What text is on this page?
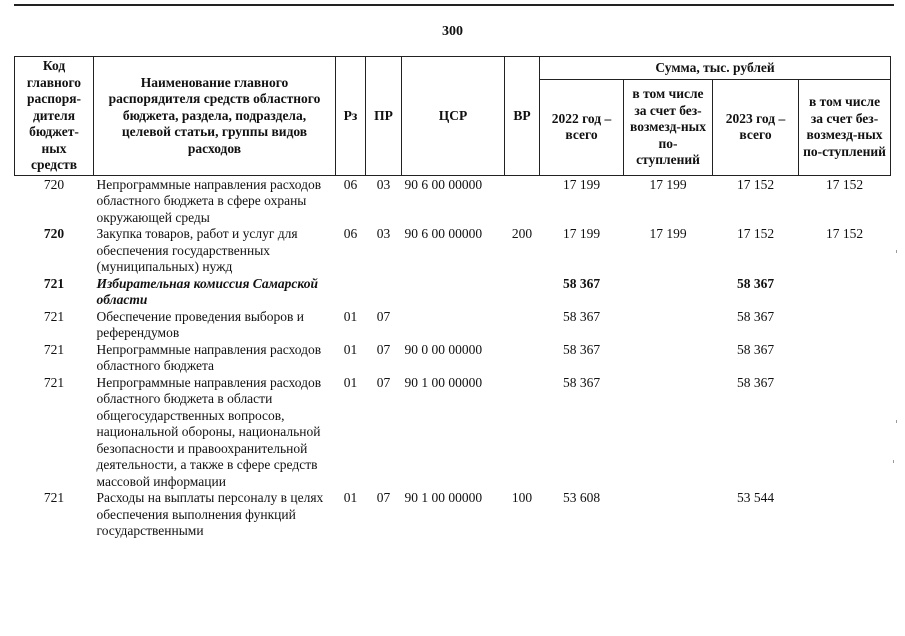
300
Код главного распоря-дителя бюджет-ных средств	Наименование главного распорядителя средств областного бюджета, раздела, подраздела, целевой статьи, группы видов расходов	Рз	ПР	ЦСР	ВР	Сумма, тыс. рублей			
						2022 год – всего	в том числе за счет без-возмезд-ных по-ступлений	2023 год – всего	в том числе за счет без-возмезд-ных по-ступлений
720	Непрограммные направления расходов областного бюджета в сфере охраны окружающей среды	06	03	90 6 00 00000		17 199	17 199	17 152	17 152
720	Закупка товаров, работ и услуг для обеспечения государственных (муниципальных) нужд	06	03	90 6 00 00000	200	17 199	17 199	17 152	17 152
721	Избирательная комиссия Самарской области					58 367		58 367	
721	Обеспечение проведения выборов и референдумов	01	07			58 367		58 367	
721	Непрограммные направления расходов областного бюджета	01	07	90 0 00 00000		58 367		58 367	
721	Непрограммные направления расходов областного бюджета в области общегосударственных вопросов, национальной обороны, национальной безопасности и правоохранительной деятельности, а также в сфере средств массовой информации	01	07	90 1 00 00000		58 367		58 367	
721	Расходы на выплаты персоналу в целях обеспечения выполнения функций государственными	01	07	90 1 00 00000	100	53 608		53 544	
